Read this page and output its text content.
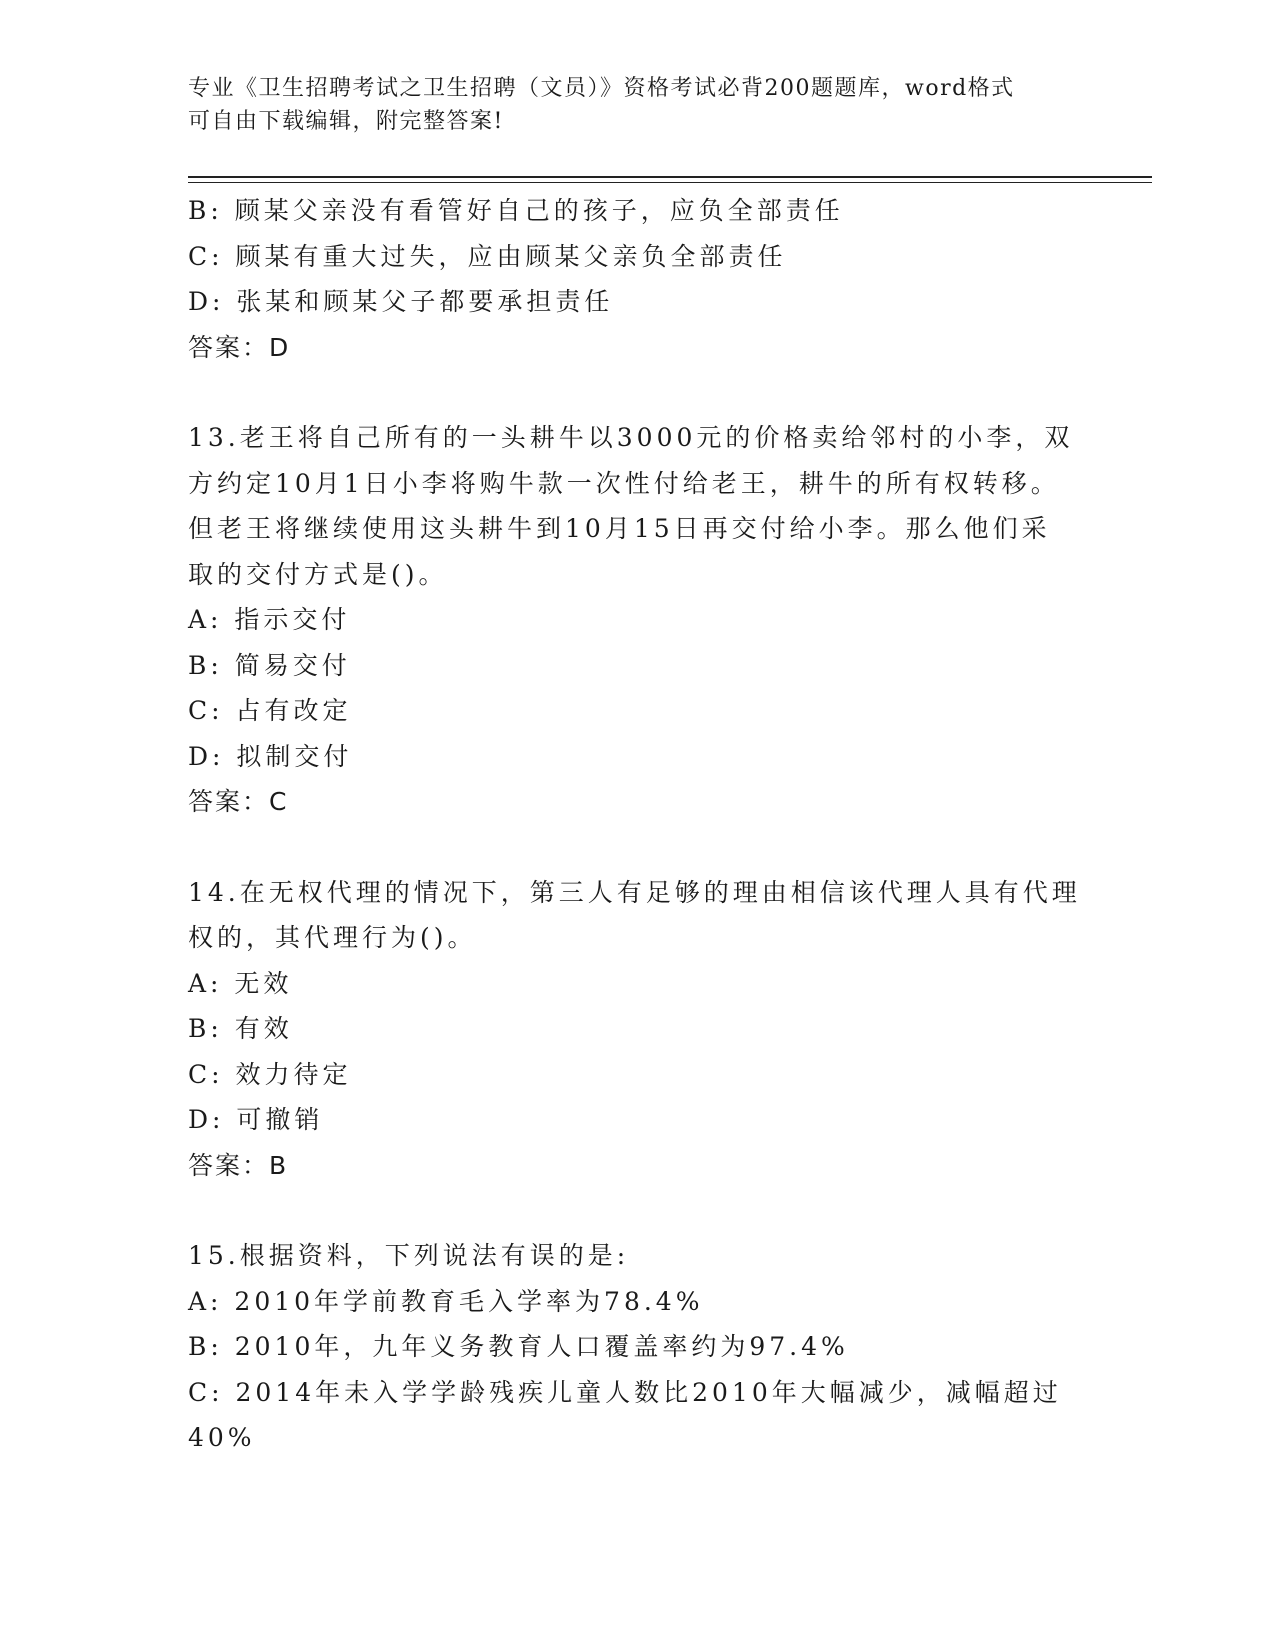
专业《卫生招聘考试之卫生招聘（文员）》资格考试必背200题题库，word格式
可自由下载编辑，附完整答案!
B: 顾某父亲没有看管好自己的孩子，应负全部责任
C: 顾某有重大过失，应由顾某父亲负全部责任
D: 张某和顾某父子都要承担责任
答案：D
13.老王将自己所有的一头耕牛以3000元的价格卖给邻村的小李，双
方约定10月1日小李将购牛款一次性付给老王，耕牛的所有权转移。
但老王将继续使用这头耕牛到10月15日再交付给小李。那么他们采
取的交付方式是()。
A: 指示交付
B: 简易交付
C: 占有改定
D: 拟制交付
答案：C
14.在无权代理的情况下，第三人有足够的理由相信该代理人具有代理
权的，其代理行为()。
A: 无效
B: 有效
C: 效力待定
D: 可撤销
答案：B
15.根据资料，下列说法有误的是:
A: 2010年学前教育毛入学率为78.4%
B: 2010年，九年义务教育人口覆盖率约为97.4%
C: 2014年未入学学龄残疾儿童人数比2010年大幅减少，减幅超过
40%
